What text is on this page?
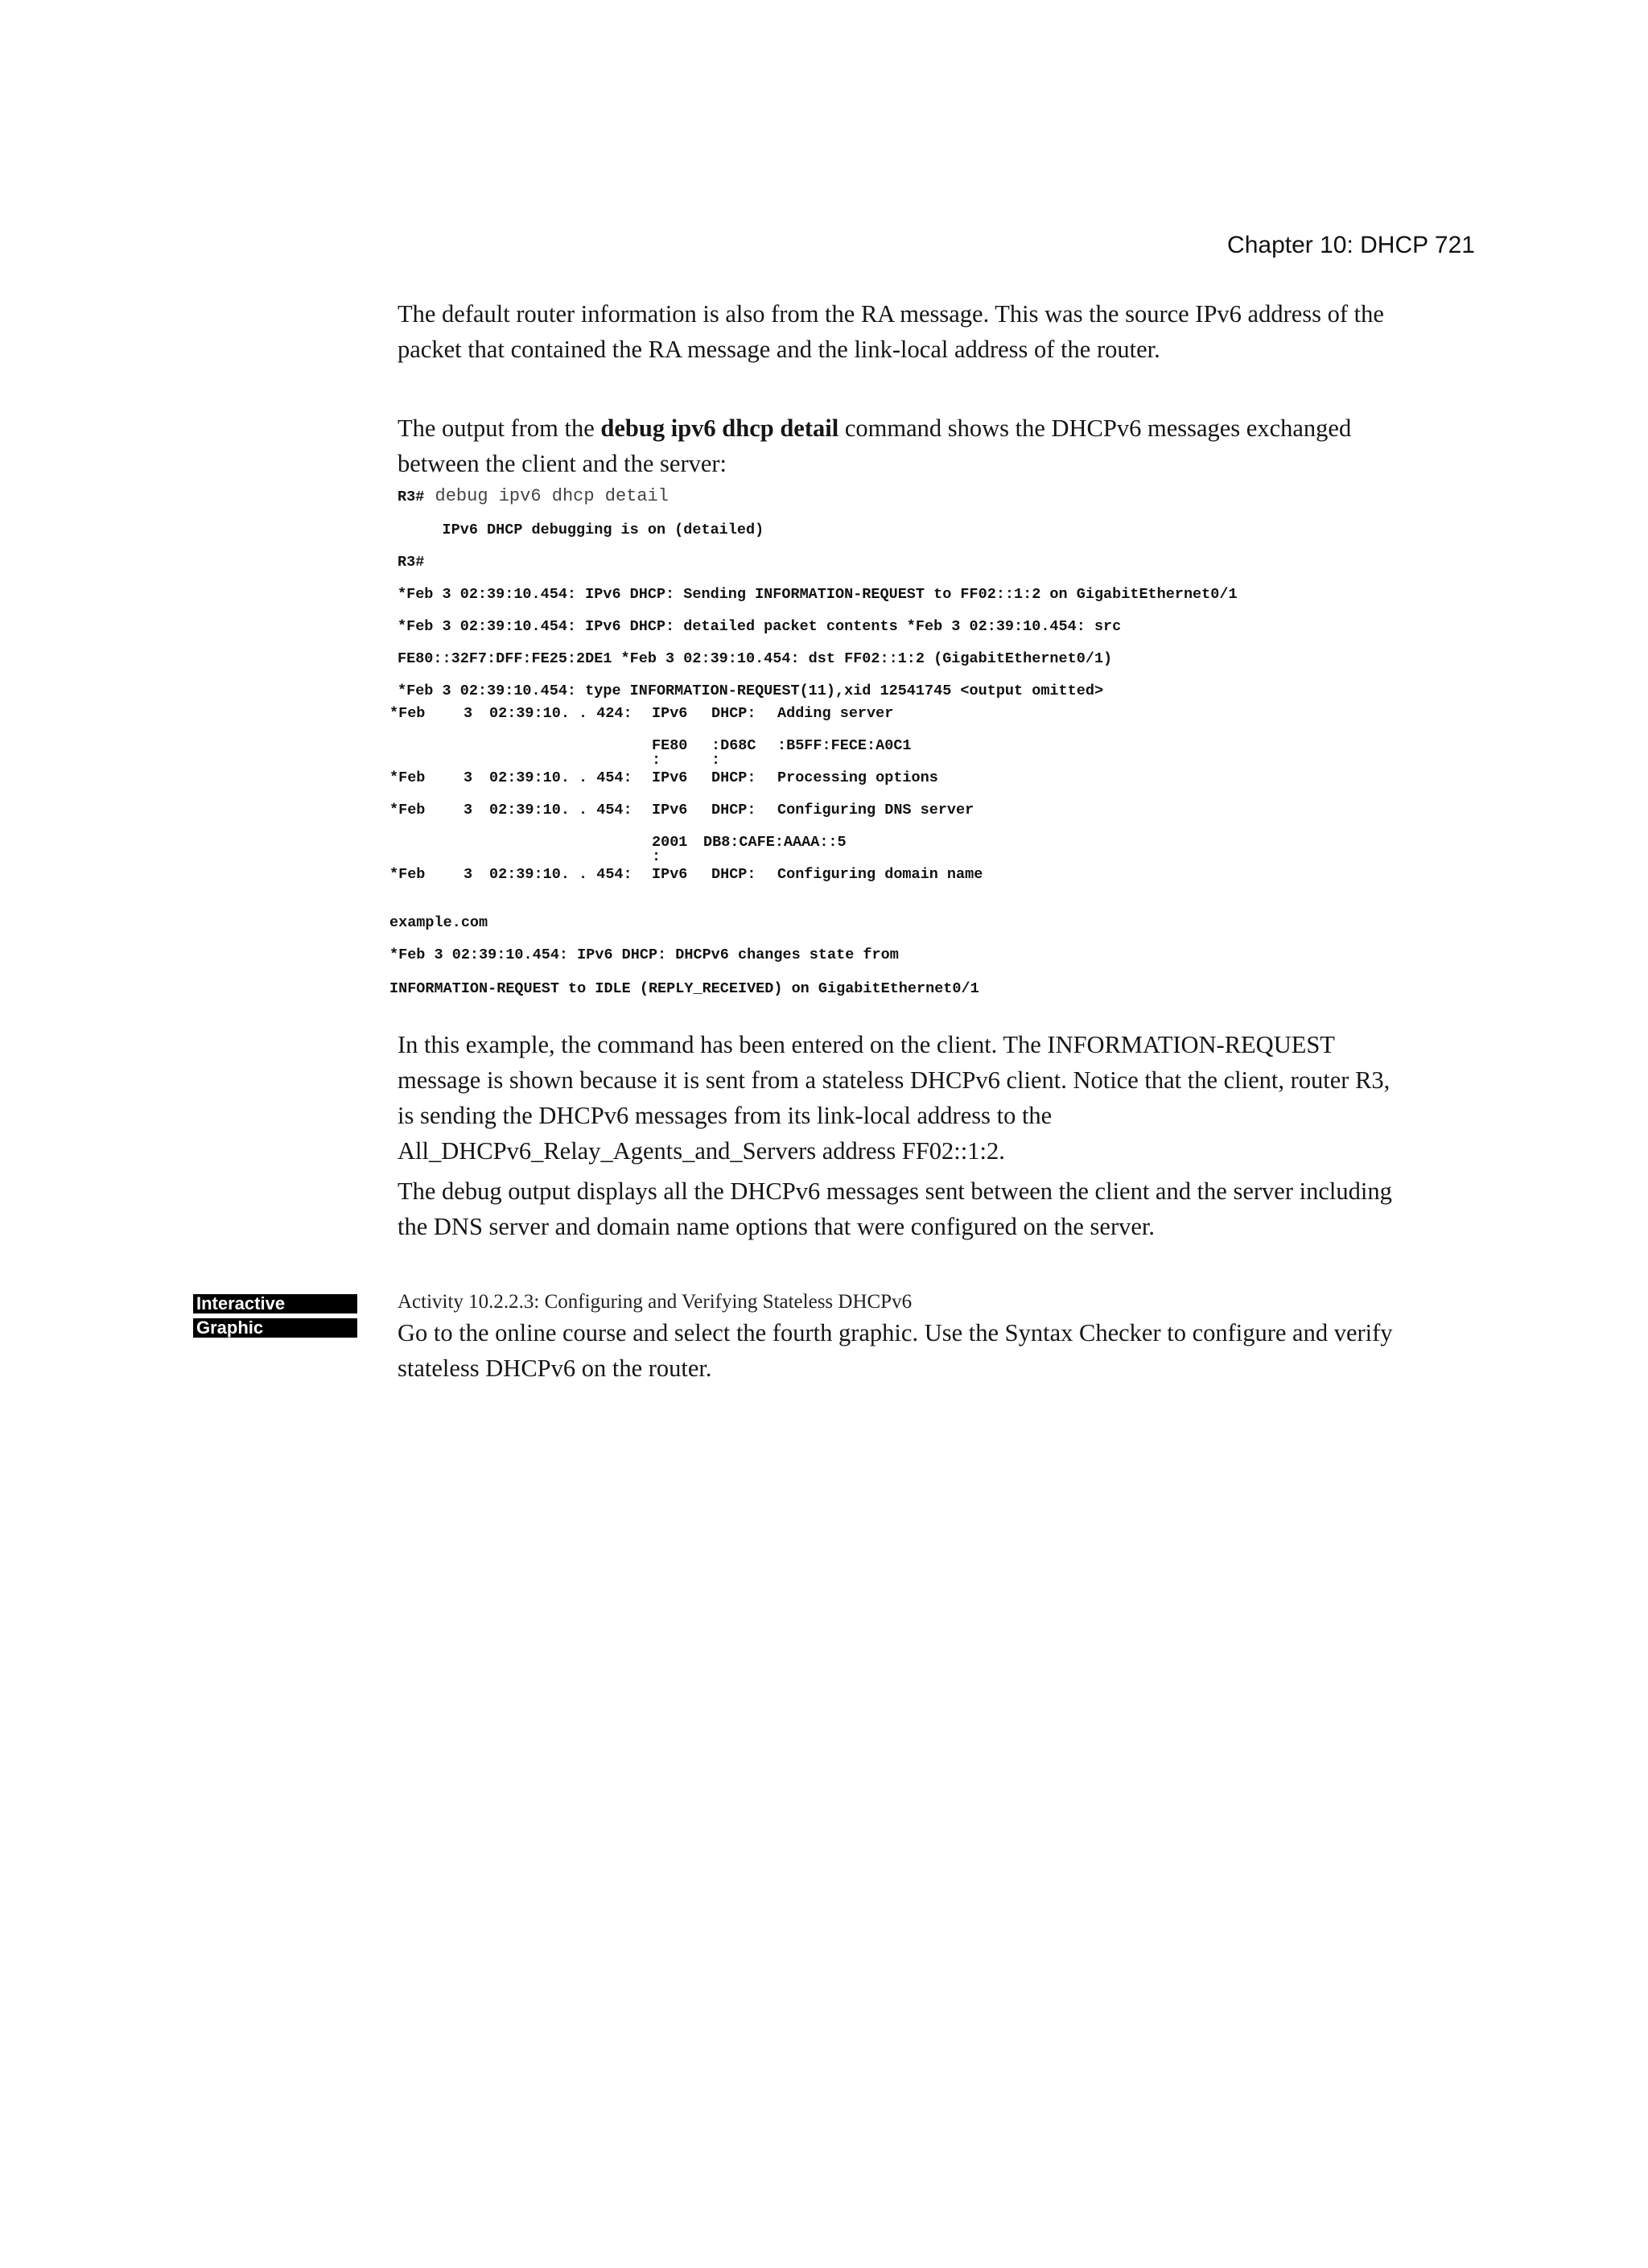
Chapter 10: DHCP 721

The default router information is also from the RA message. This was the source IPv6 address of the packet that contained the RA message and the link-local address of the router.

The output from the debug ipv6 dhcp detail command shows the DHCPv6 messages exchanged between the client and the server:

R3# debug ipv6 dhcp detail
IPv6 DHCP debugging is on (detailed)
R3#
*Feb 3 02:39:10.454: IPv6 DHCP: Sending INFORMATION-REQUEST to FF02::1:2 on GigabitEthernet0/1
*Feb 3 02:39:10.454: IPv6 DHCP: detailed packet contents *Feb 3 02:39:10.454: src
FE80::32F7:DFF:FE25:2DE1 *Feb 3 02:39:10.454: dst FF02::1:2 (GigabitEthernet0/1)
*Feb 3 02:39:10.454: type INFORMATION-REQUEST(11),xid 12541745 <output omitted>
*Feb	3 02:39:10. . 424: IPv6 DHCP: Adding server
FE80 :D68C :B5FF:FECE:A0C1
:	:
*Feb	3 02:39:10. . 454: IPv6 DHCP: Processing options
*Feb	3 02:39:10. . 454: IPv6 DHCP: Configuring DNS server
2001 DB8:CAFE:AAAA::5
:
*Feb	3 02:39:10. . 454: IPv6 DHCP: Configuring domain name
example.com
*Feb 3 02:39:10.454: IPv6 DHCP: DHCPv6 changes state from
INFORMATION-REQUEST to IDLE (REPLY_RECEIVED) on GigabitEthernet0/1

In this example, the command has been entered on the client. The INFORMATION-REQUEST message is shown because it is sent from a stateless DHCPv6 client. Notice that the client, router R3, is sending the DHCPv6 messages from its link-local address to the All_DHCPv6_Relay_Agents_and_Servers address FF02::1:2.

The debug output displays all the DHCPv6 messages sent between the client and the server including the DNS server and domain name options that were configured on the server.

Interactive
Graphic
Activity 10.2.2.3: Configuring and Verifying Stateless DHCPv6

Go to the online course and select the fourth graphic. Use the Syntax Checker to configure and verify stateless DHCPv6 on the router.
